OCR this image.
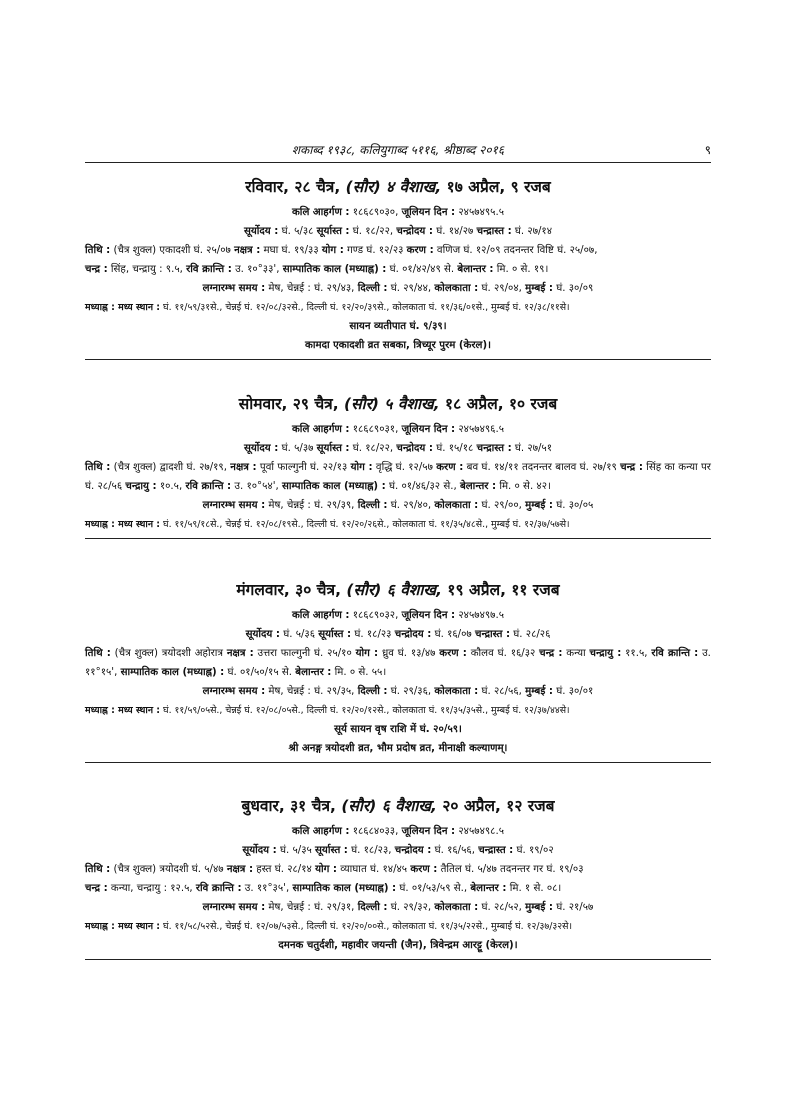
शकाब्द १९३८, कलियुगाब्द ५११६, श्रीष्ठाब्द २०१६	९
रविवार, २८ चैत्र, (सौर) ४ वैशाख, १७ अप्रैल, ९ रजब
कलि आहर्गण : १८६८९०३०, जूलियन दिन : २४५७४९५.५
सूर्योदय : घं. ५/३८ सूर्यास्त : घं. १८/२२, चन्द्रोदय : घं. १४/२७ चन्द्रास्त : घं. २७/१४
तिथि : (चैत्र शुक्ल) एकादशी घं. २५/०७ नक्षत्र : मघा घं. १९/३३ योग : गण्ड घं. १२/२३ करण : वणिज घं. १२/०९ तदनन्तर विष्टि घं. २५/०७,
चन्द्र : सिंह, चन्द्रायु : ९.५, रवि क्रान्ति : उ. १०°३३', साम्पातिक काल (मध्याह्न) : घं. ०१/४२/४९ से. बेलान्तर : मि. ० से. १९।
लग्नारम्भ समय : मेष, चेन्नई : घं. २९/४३, दिल्ली : घं. २९/४४, कोलकाता : घं. २९/०४, मुम्बई : घं. ३०/०९
मध्याह्न : मध्य स्थान : घं. ११/५९/३१से., चेन्नई घं. १२/०८/३२से., दिल्ली घं. १२/२०/३९से., कोलकाता घं. ११/३६/०१से., मुम्बई घं. १२/३८/११से।
सायन व्यतीपात घं. ९/३९।
कामदा एकादशी व्रत सबका, त्रिच्यूर पुरम (केरल)।
सोमवार, २९ चैत्र, (सौर) ५ वैशाख, १८ अप्रैल, १० रजब
कलि आहर्गण : १८६८९०३१, जूलियन दिन : २४५७४९६.५
सूर्योदय : घं. ५/३७ सूर्यास्त : घं. १८/२२, चन्द्रोदय : घं. १५/१८ चन्द्रास्त : घं. २७/५१
तिथि : (चैत्र शुक्ल) द्वादशी घं. २७/१९, नक्षत्र : पूर्वा फाल्गुनी घं. २२/१३ योग : वृद्धि घं. १२/५७ करण : बव घं. १४/११ तदनन्तर बालव घं. २७/१९ चन्द्र : सिंह का कन्या पर घं. २८/५६ चन्द्रायु : १०.५, रवि क्रान्ति : उ. १०°५४', साम्पातिक काल (मध्याह्न) : घं. ०१/४६/३२ से., बेलान्तर : मि. ० से. ४२।
लग्नारम्भ समय : मेष, चेन्नई : घं. २९/३९, दिल्ली : घं. २९/४०, कोलकाता : घं. २९/००, मुम्बई : घं. ३०/०५
मध्याह्न : मध्य स्थान : घं. ११/५९/१८से., चेन्नई घं. १२/०८/१९से., दिल्ली घं. १२/२०/२६से., कोलकाता घं. ११/३५/४८से., मुम्बई घं. १२/३७/५७से।
मंगलवार, ३० चैत्र, (सौर) ६ वैशाख, १९ अप्रैल, ११ रजब
कलि आहर्गण : १८६८९०३२, जूलियन दिन : २४५७४९७.५
सूर्योदय : घं. ५/३६ सूर्यास्त : घं. १८/२३ चन्द्रोदय : घं. १६/०७ चन्द्रास्त : घं. २८/२६
तिथि : (चैत्र शुक्ल) त्रयोदशी अहोरात्र नक्षत्र : उत्तरा फाल्गुनी घं. २५/१० योग : ध्रुव घं. १३/४७ करण : कौलव घं. १६/३२ चन्द्र : कन्या चन्द्रायु : ११.५, रवि क्रान्ति : उ. ११°१५', साम्पातिक काल (मध्याह्न) : घं. ०१/५०/१५ से. बेलान्तर : मि. ० से. ५५।
लग्नारम्भ समय : मेष, चेन्नई : घं. २९/३५, दिल्ली : घं. २९/३६, कोलकाता : घं. २८/५६, मुम्बई : घं. ३०/०१
मध्याह्न : मध्य स्थान : घं. ११/५९/०५से., चेन्नई घं. १२/०८/०५से., दिल्ली घं. १२/२०/१२से., कोलकाता घं. ११/३५/३५से., मुम्बई घं. १२/३७/४४से।
सूर्य सायन वृष राशि में घं. २०/५९।
श्री अनङ्ग त्रयोदशी व्रत, भौम प्रदोष व्रत, मीनाक्षी कल्याणम्।
बुधवार, ३१ चैत्र, (सौर) ६ वैशाख, २० अप्रैल, १२ रजब
कलि आहर्गण : १८६८४०३३, जूलियन दिन : २४५७४९८.५
सूर्योदय : घं. ५/३५ सूर्यास्त : घं. १८/२३, चन्द्रोदय : घं. १६/५६, चन्द्रास्त : घं. १९/०२
तिथि : (चैत्र शुक्ल) त्रयोदशी घं. ५/४७ नक्षत्र : हस्त घं. २८/१४ योग : व्याघात घं. १४/४५ करण : तैतिल घं. ५/४७ तदनन्तर गर घं. १९/०३
चन्द्र : कन्या, चन्द्रायु : १२.५, रवि क्रान्ति : उ. ११°३५', साम्पातिक काल (मध्याह्न) : घं. ०१/५३/५९ से., बेलान्तर : मि. १ से. ०८।
लग्नारम्भ समय : मेष, चेन्नई : घं. २९/३१, दिल्ली : घं. २९/३२, कोलकाता : घं. २८/५२, मुम्बई : घं. २१/५७
मध्याह्न : मध्य स्थान : घं. ११/५८/५२से., चेन्नई घं. १२/०७/५३से., दिल्ली घं. १२/२०/००से., कोलकाता घं. ११/३५/२२से., मुम्बाई घं. १२/३७/३२से।
दमनक चतुर्दशी, महावीर जयन्ती (जैन), त्रिवेन्द्रम आरट्टू (केरल)।
